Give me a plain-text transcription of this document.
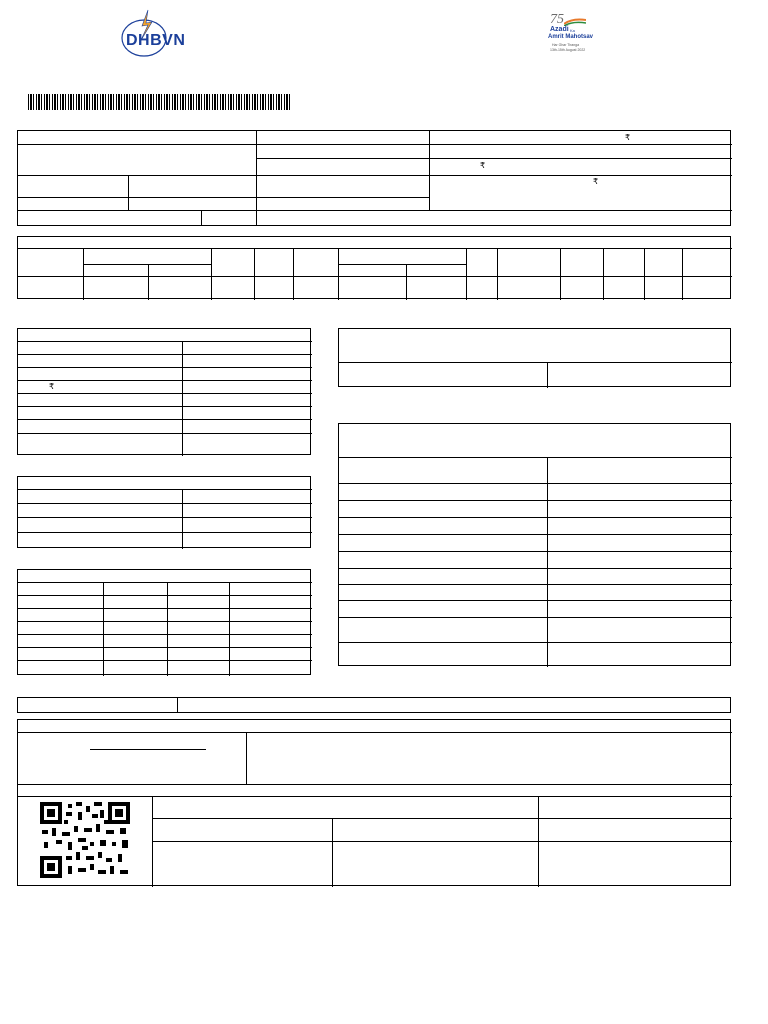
DHBVN
75
Azadi Ka
Amrit Mahotsav
Har Ghar Tiranga
13th-15th August 2022
₹
₹
₹
₹
